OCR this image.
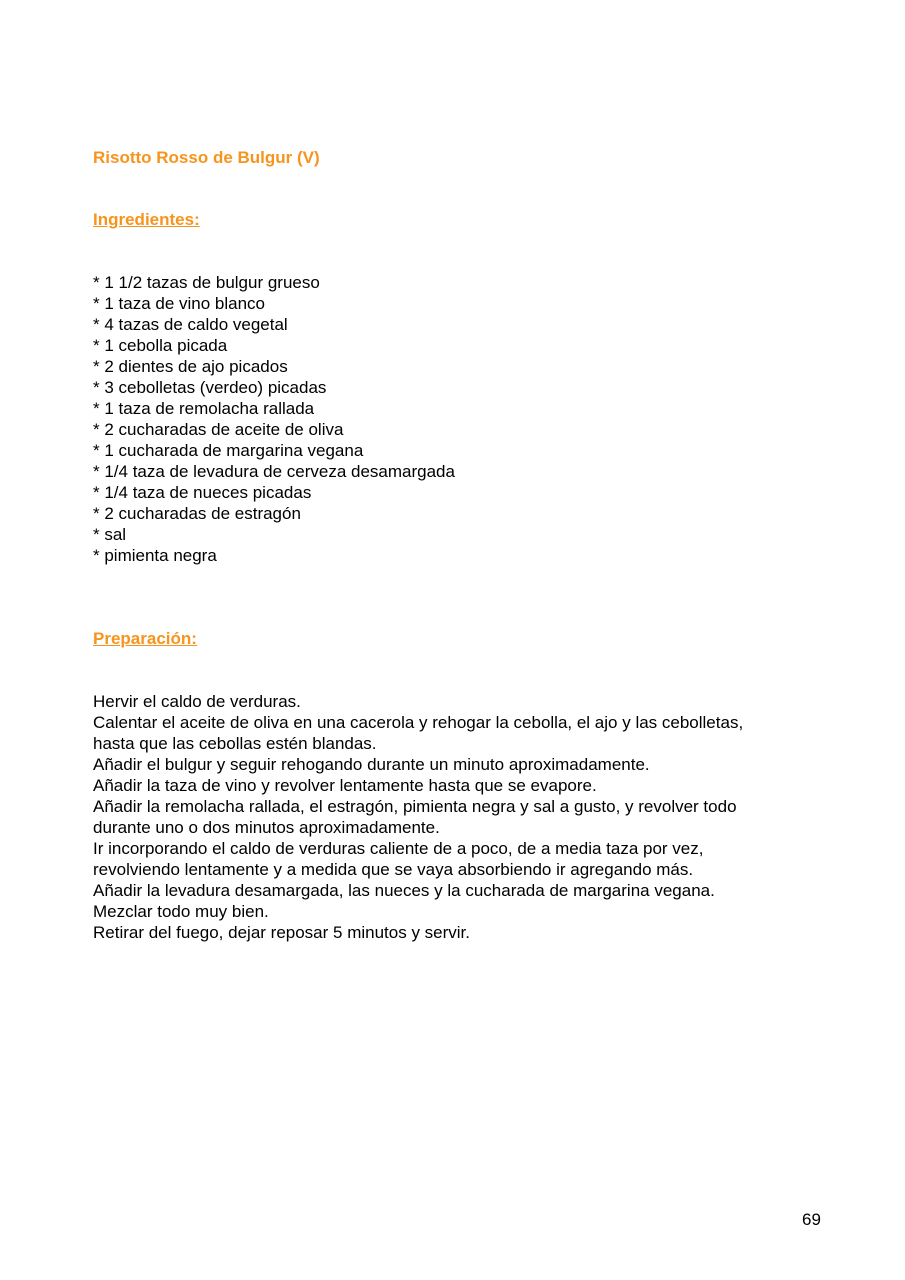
Risotto Rosso de Bulgur (V)
Ingredientes:
* 1 1/2 tazas de bulgur grueso
* 1 taza de vino blanco
* 4 tazas de caldo vegetal
* 1 cebolla picada
* 2 dientes de ajo picados
* 3 cebolletas (verdeo) picadas
* 1 taza de remolacha rallada
* 2 cucharadas de aceite de oliva
* 1 cucharada de margarina vegana
* 1/4 taza de levadura de cerveza desamargada
* 1/4 taza de nueces picadas
* 2 cucharadas de estragón
* sal
* pimienta negra
Preparación:
Hervir el caldo de verduras.
Calentar el aceite de oliva en una cacerola y rehogar la cebolla, el ajo y las cebolletas,
hasta que las cebollas estén blandas.
Añadir el bulgur y seguir rehogando durante un minuto aproximadamente.
Añadir la taza de vino y revolver lentamente hasta que se evapore.
Añadir la remolacha rallada, el estragón, pimienta negra y sal a gusto, y revolver todo
durante uno o dos minutos aproximadamente.
Ir incorporando el caldo de verduras caliente de a poco, de a media taza por vez,
revolviendo lentamente y a medida que se vaya absorbiendo ir agregando más.
Añadir la levadura desamargada, las nueces y la cucharada de margarina vegana.
Mezclar todo muy bien.
Retirar del fuego, dejar reposar 5 minutos y servir.
69
